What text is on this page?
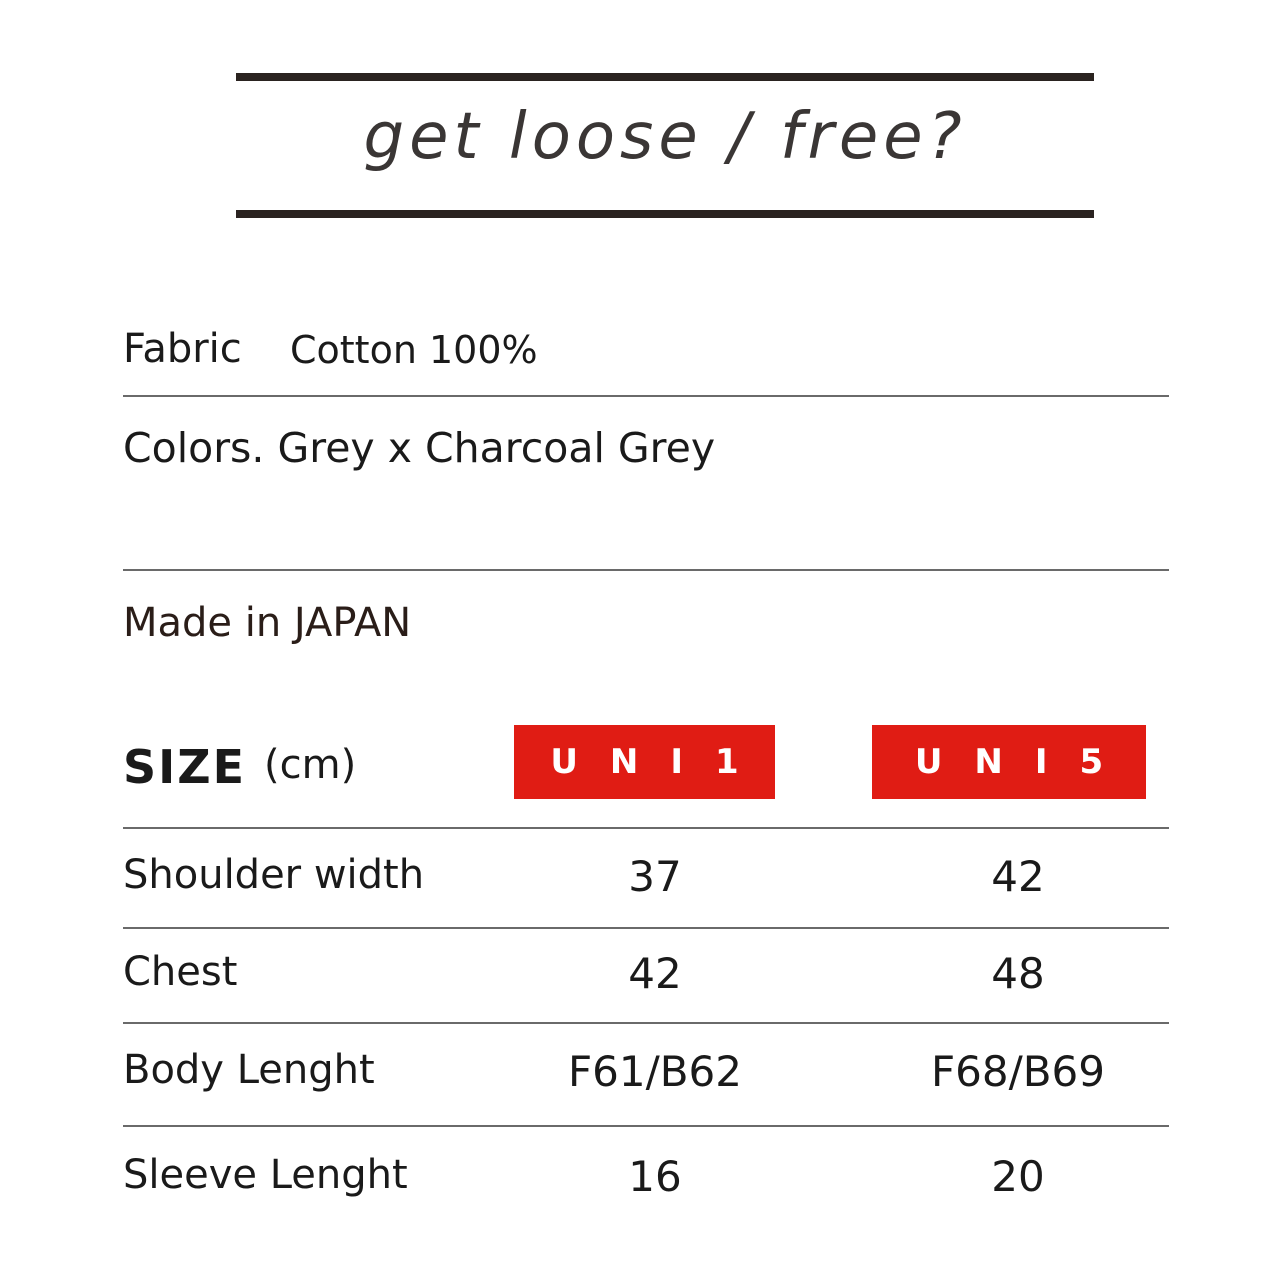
get loose / free?
Fabric Cotton 100%
Colors. Grey x Charcoal Grey
Made in JAPAN
SIZE (cm)	UNI1	UNI5
Shoulder width	37	42
Chest	42	48
Body Lenght	F61/B62	F68/B69
Sleeve Lenght	16	20
